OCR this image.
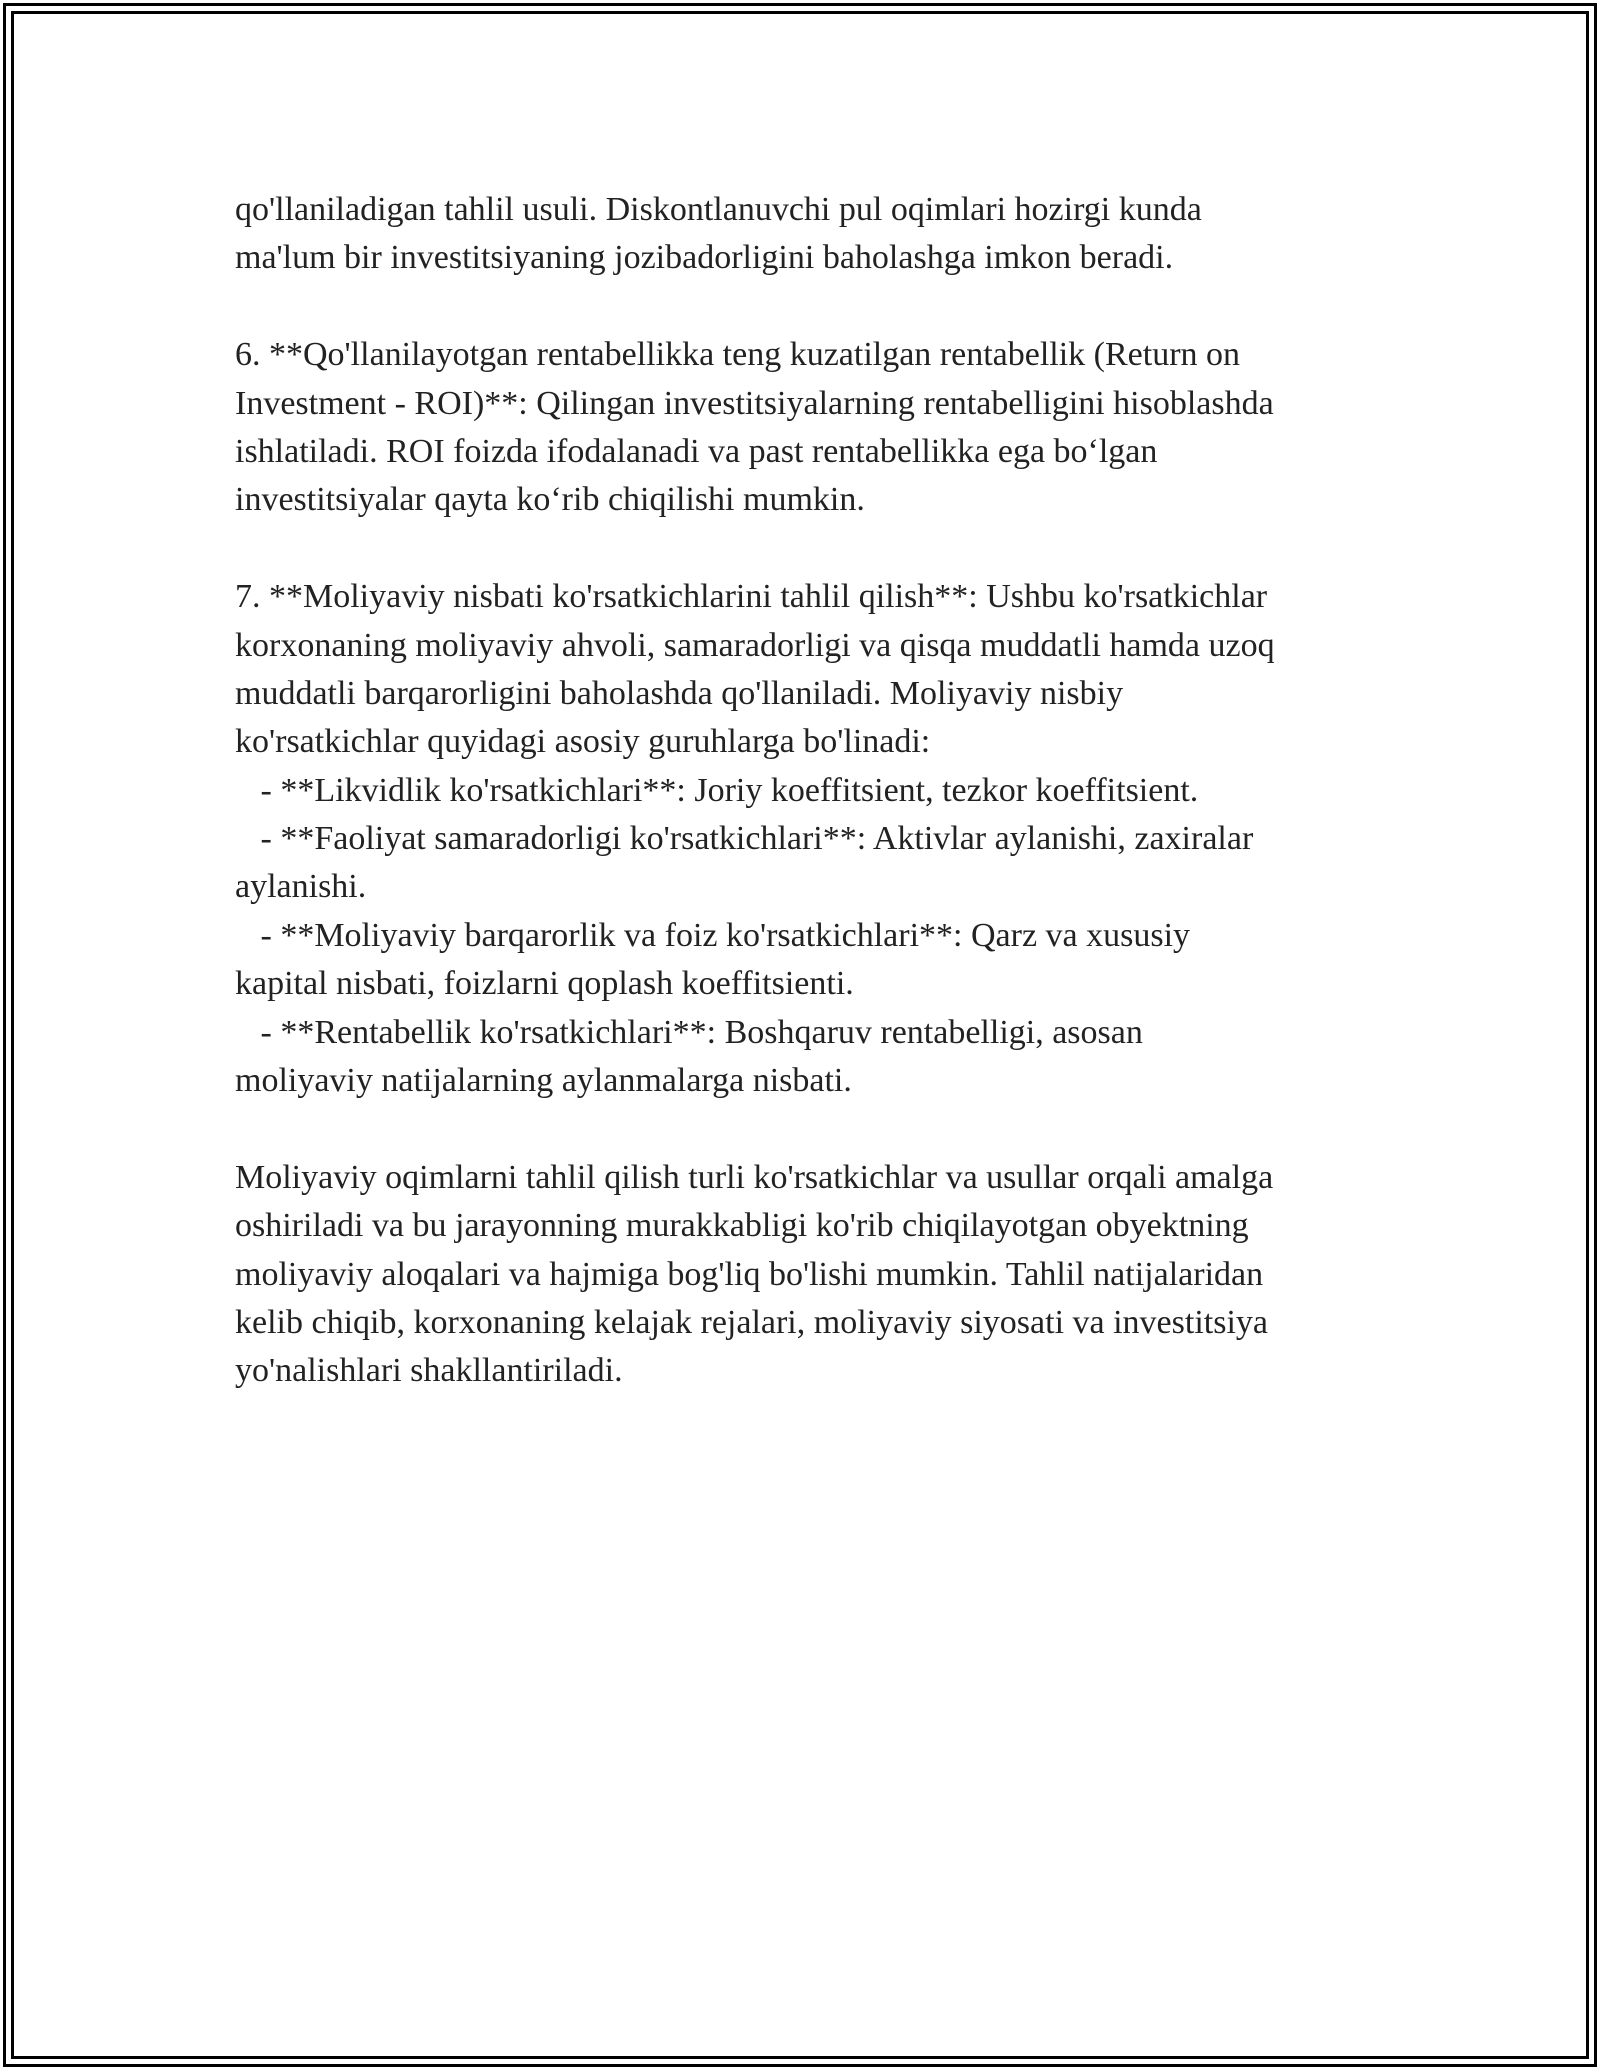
qo'llaniladigan tahlil usuli. Diskontlanuvchi pul oqimlari hozirgi kunda
ma'lum bir investitsiyaning jozibadorligini baholashga imkon beradi.
6. **Qo'llanilayotgan rentabellikka teng kuzatilgan rentabellik (Return on
Investment - ROI)**: Qilingan investitsiyalarning rentabelligini hisoblashda
ishlatiladi. ROI foizda ifodalanadi va past rentabellikka ega bo‘lgan
investitsiyalar qayta ko‘rib chiqilishi mumkin.
7. **Moliyaviy nisbati ko'rsatkichlarini tahlil qilish**: Ushbu ko'rsatkichlar
korxonaning moliyaviy ahvoli, samaradorligi va qisqa muddatli hamda uzoq
muddatli barqarorligini baholashda qo'llaniladi. Moliyaviy nisbiy
ko'rsatkichlar quyidagi asosiy guruhlarga bo'linadi:
- **Likvidlik ko'rsatkichlari**: Joriy koeffitsient, tezkor koeffitsient.
- **Faoliyat samaradorligi ko'rsatkichlari**: Aktivlar aylanishi, zaxiralar
aylanishi.
- **Moliyaviy barqarorlik va foiz ko'rsatkichlari**: Qarz va xususiy
kapital nisbati, foizlarni qoplash koeffitsienti.
- **Rentabellik ko'rsatkichlari**: Boshqaruv rentabelligi, asosan
moliyaviy natijalarning aylanmalarga nisbati.
Moliyaviy oqimlarni tahlil qilish turli ko'rsatkichlar va usullar orqali amalga
oshiriladi va bu jarayonning murakkabligi ko'rib chiqilayotgan obyektning
moliyaviy aloqalari va hajmiga bog'liq bo'lishi mumkin. Tahlil natijalaridan
kelib chiqib, korxonaning kelajak rejalari, moliyaviy siyosati va investitsiya
yo'nalishlari shakllantiriladi.
